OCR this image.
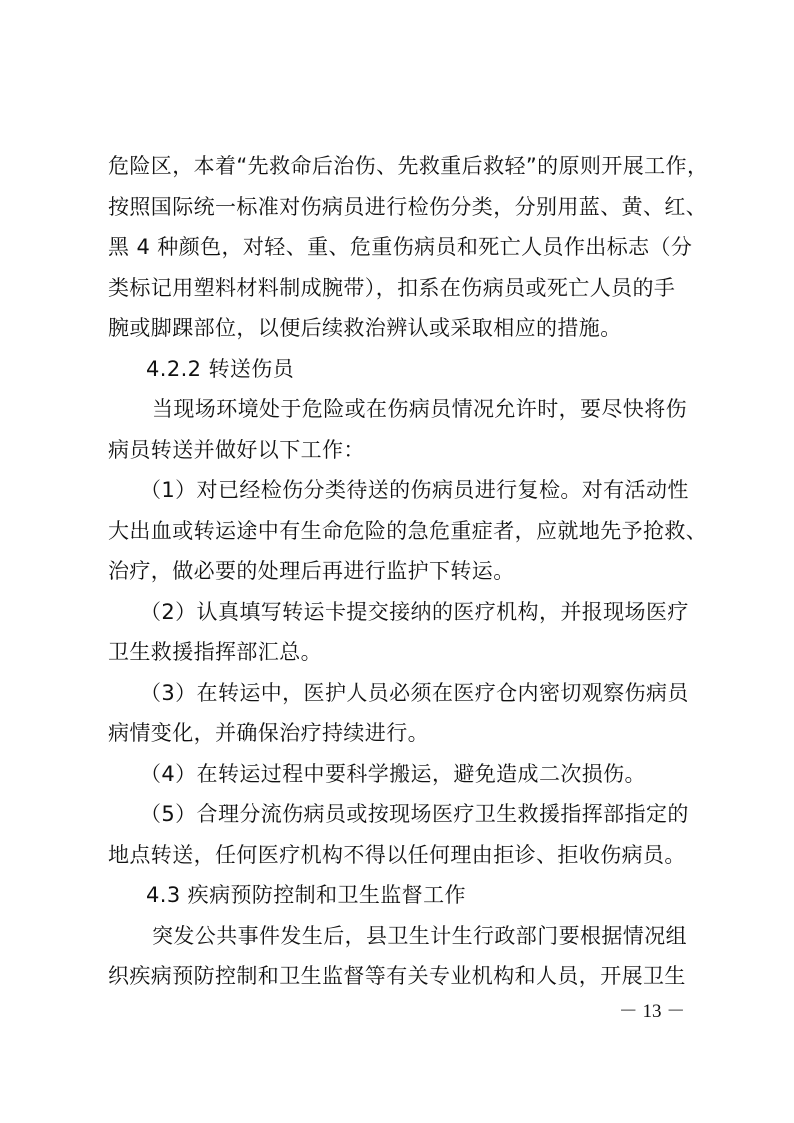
危险区，本着“先救命后治伤、先救重后救轻”的原则开展工作，
按照国际统一标准对伤病员进行检伤分类，分别用蓝、黄、红、
黑 4 种颜色，对轻、重、危重伤病员和死亡人员作出标志（分
类标记用塑料材料制成腕带），扣系在伤病员或死亡人员的手
腕或脚踝部位，以便后续救治辨认或采取相应的措施。
4.2.2 转送伤员
当现场环境处于危险或在伤病员情况允许时，要尽快将伤
病员转送并做好以下工作：
（1）对已经检伤分类待送的伤病员进行复检。对有活动性
大出血或转运途中有生命危险的急危重症者，应就地先予抢救、
治疗，做必要的处理后再进行监护下转运。
（2）认真填写转运卡提交接纳的医疗机构，并报现场医疗
卫生救援指挥部汇总。
（3）在转运中，医护人员必须在医疗仓内密切观察伤病员
病情变化，并确保治疗持续进行。
（4）在转运过程中要科学搬运，避免造成二次损伤。
（5）合理分流伤病员或按现场医疗卫生救援指挥部指定的
地点转送，任何医疗机构不得以任何理由拒诊、拒收伤病员。
4.3 疾病预防控制和卫生监督工作
突发公共事件发生后，县卫生计生行政部门要根据情况组
织疾病预防控制和卫生监督等有关专业机构和人员，开展卫生
－ 13 －
